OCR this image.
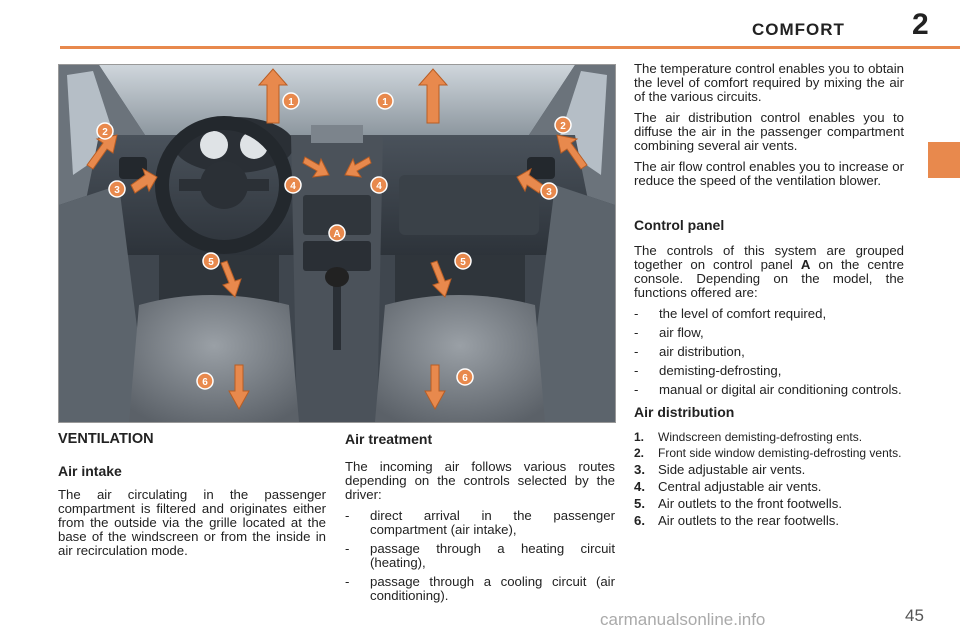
COMFORT 2
1	1
2
2
3	3
4	4
A
5	5
6	6
VENTILATION
Air intake

The air circulating in the passenger compartment is filtered and originates either from the outside via the grille located at the base of the windscreen or from the inside in air recirculation mode.

Air treatment

The incoming air follows various routes depending on the controls selected by the driver:

- direct arrival in the passenger compartment (air intake),
- passage through a heating circuit (heating),
- passage through a cooling circuit (air conditioning).

The temperature control enables you to obtain the level of comfort required by mixing the air of the various circuits.

The air distribution control enables you to diffuse the air in the passenger compartment combining several air vents.

The air flow control enables you to increase or reduce the speed of the ventilation blower.

Control panel

The controls of this system are grouped together on control panel A on the centre console. Depending on the model, the functions offered are:

- the level of comfort required,
- air flow,
- air distribution,
- demisting-defrosting,
- manual or digital air conditioning controls.
Air distribution
1. Windscreen demisting-defrosting ents.
2. Front side window demisting-defrosting vents.
3. Side adjustable air vents.
4. Central adjustable air vents.
5. Air outlets to the front footwells.
6. Air outlets to the rear footwells.
carmanualsonline.info	45
